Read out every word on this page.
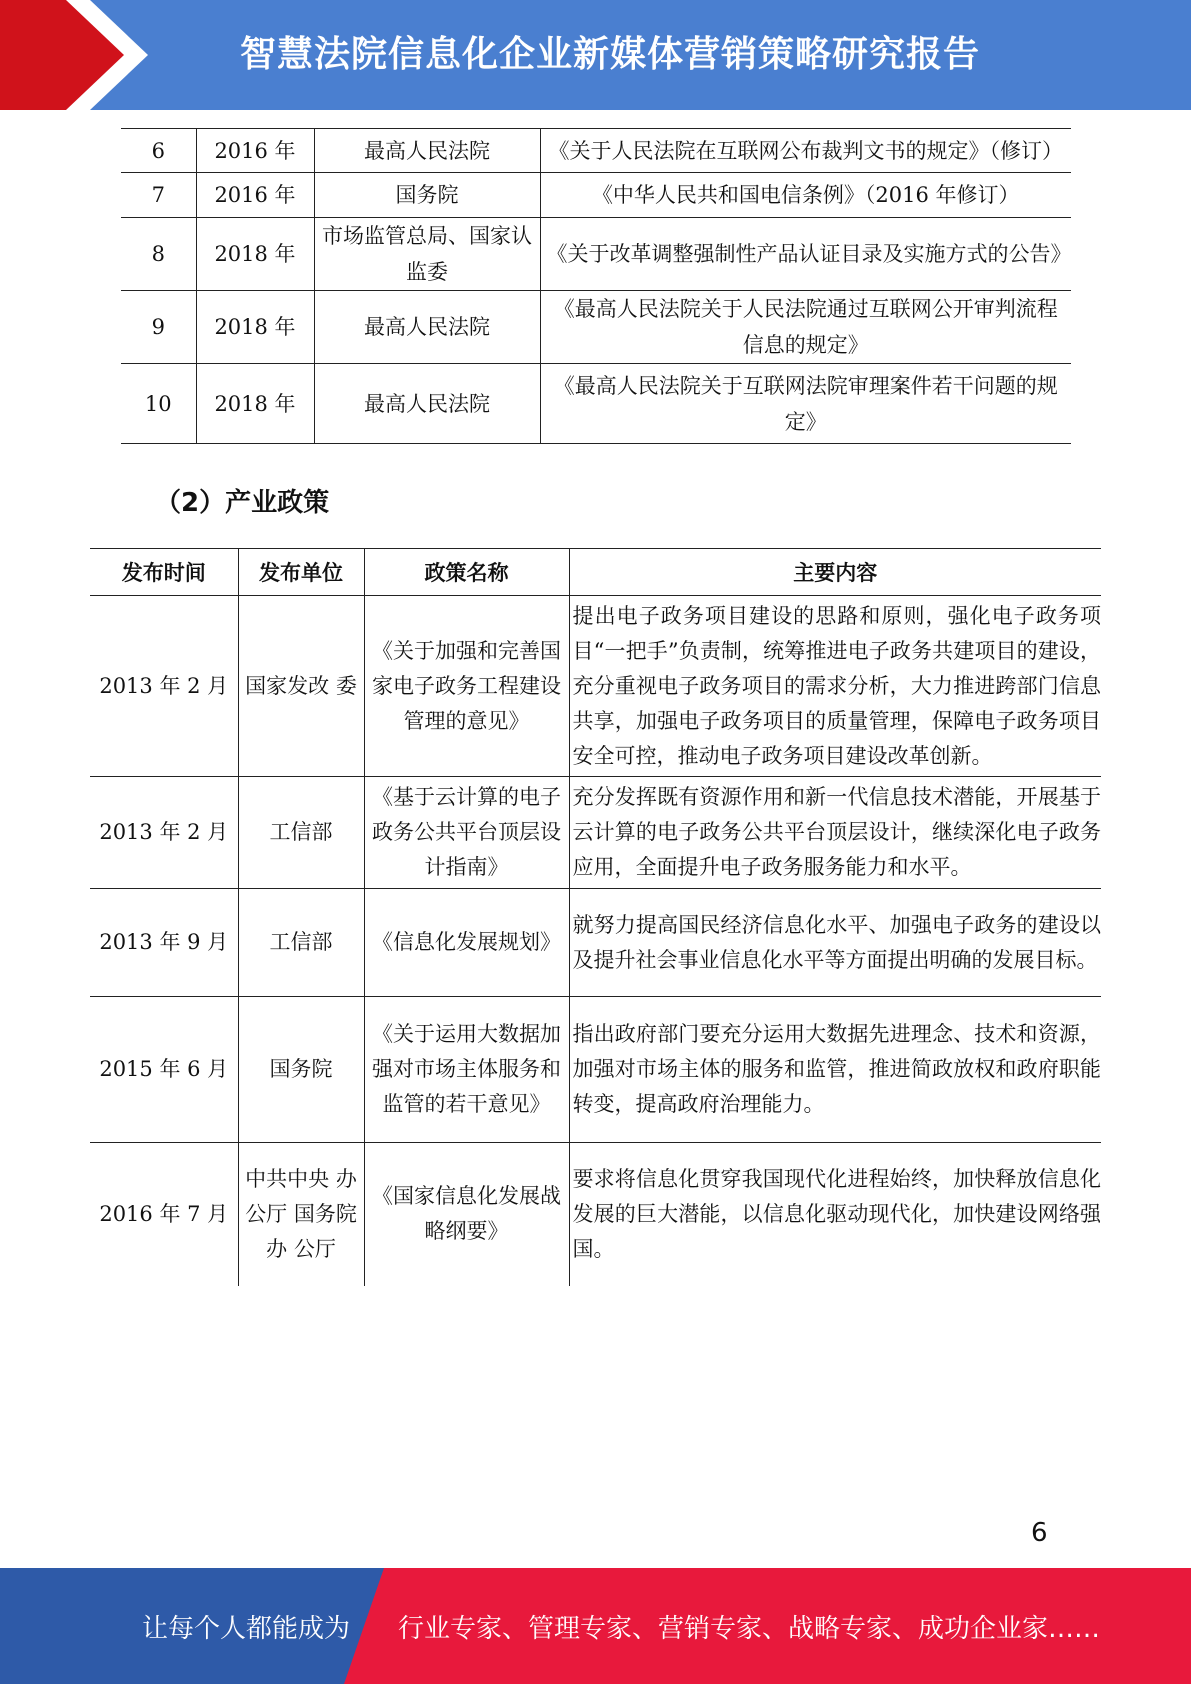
智慧法院信息化企业新媒体营销策略研究报告
6	2016 年	最高人民法院	《关于人民法院在互联网公布裁判文书的规定》（修订）

7	2016 年	国务院	《中华人民共和国电信条例》（2016 年修订）
8	2018 年	市场监管总局、国家认监委	《关于改革调整强制性产品认证目录及实施方式的公告》
9	2018 年	最高人民法院	《最高人民法院关于人民法院通过互联网公开审判流程信息的规定》
10	2018 年	最高人民法院	《最高人民法院关于互联网法院审理案件若干问题的规定》
（2）产业政策
发布时间	发布单位	政策名称	主要内容
2013 年 2 月	国家发改 委	《关于加强和完善国家电子政务工程建设管理的意见》	提出电子政务项目建设的思路和原则，强化电子政务项目“一把手”负责制，统筹推进电子政务共建项目的建设，充分重视电子政务项目的需求分析，大力推进跨部门信息共享，加强电子政务项目的质量管理，保障电子政务项目安全可控，推动电子政务项目建设改革创新。
2013 年 2 月	工信部	《基于云计算的电子政务公共平台顶层设计指南》	充分发挥既有资源作用和新一代信息技术潜能，开展基于云计算的电子政务公共平台顶层设计，继续深化电子政务应用，全面提升电子政务服务能力和水平。
2013 年 9 月	工信部	《信息化发展规划》	就努力提高国民经济信息化水平、加强电子政务的建设以及提升社会事业信息化水平等方面提出明确的发展目标。
2015 年 6 月	国务院	《关于运用大数据加强对市场主体服务和监管的若干意见》	指出政府部门要充分运用大数据先进理念、技术和资源，加强对市场主体的服务和监管，推进简政放权和政府职能转变，提高政府治理能力。
2016 年 7 月	中共中央 办公厅 国务院办 公厅	《国家信息化发展战略纲要》	要求将信息化贯穿我国现代化进程始终，加快释放信息化发展的巨大潜能，以信息化驱动现代化，加快建设网络强国。
6
让每个人都能成为 行业专家、管理专家、营销专家、战略专家、成功企业家……
